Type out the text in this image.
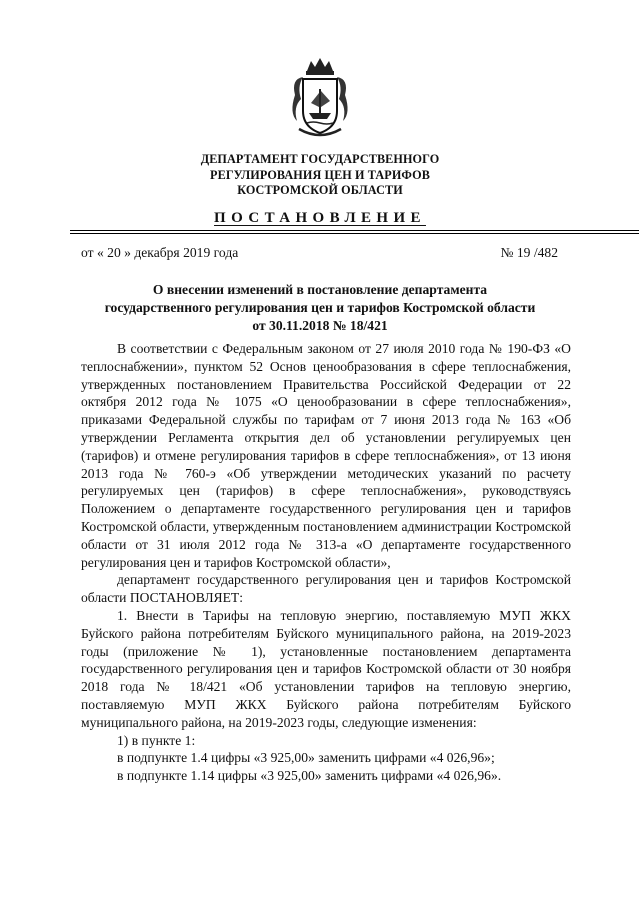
ДЕПАРТАМЕНТ ГОСУДАРСТВЕННОГО
РЕГУЛИРОВАНИЯ ЦЕН И ТАРИФОВ
КОСТРОМСКОЙ ОБЛАСТИ
ПОСТАНОВЛЕНИЕ
от « 20 » декабря 2019 года	№ 19 /482
О внесении изменений в постановление департамента
государственного регулирования цен и тарифов Костромской области
от 30.11.2018 № 18/421

В соответствии с Федеральным законом от 27 июля 2010 года № 190-ФЗ «О теплоснабжении», пунктом 52 Основ ценообразования в сфере теплоснабжения, утвержденных постановлением Правительства Российской Федерации от 22 октября 2012 года № 1075 «О ценообразовании в сфере теплоснабжения», приказами Федеральной службы по тарифам от 7 июня 2013 года № 163 «Об утверждении Регламента открытия дел об установлении регулируемых цен (тарифов) и отмене регулирования тарифов в сфере теплоснабжения», от 13 июня 2013 года № 760-э «Об утверждении методических указаний по расчету регулируемых цен (тарифов) в сфере теплоснабжения», руководствуясь Положением о департаменте государственного регулирования цен и тарифов Костромской области, утвержденным постановлением администрации Костромской области от 31 июля 2012 года № 313-а «О департаменте государственного регулирования цен и тарифов Костромской области»,

департамент государственного регулирования цен и тарифов Костромской области ПОСТАНОВЛЯЕТ:

1. Внести в Тарифы на тепловую энергию, поставляемую МУП ЖКХ Буйского района потребителям Буйского муниципального района, на 2019-2023 годы (приложение № 1), установленные постановлением департамента государственного регулирования цен и тарифов Костромской области от 30 ноября 2018 года № 18/421 «Об установлении тарифов на тепловую энергию, поставляемую МУП ЖКХ Буйского района потребителям Буйского муниципального района, на 2019-2023 годы, следующие изменения:

1) в пункте 1:

в подпункте 1.4 цифры «3 925,00» заменить цифрами «4 026,96»;

в подпункте 1.14 цифры «3 925,00» заменить цифрами «4 026,96».
